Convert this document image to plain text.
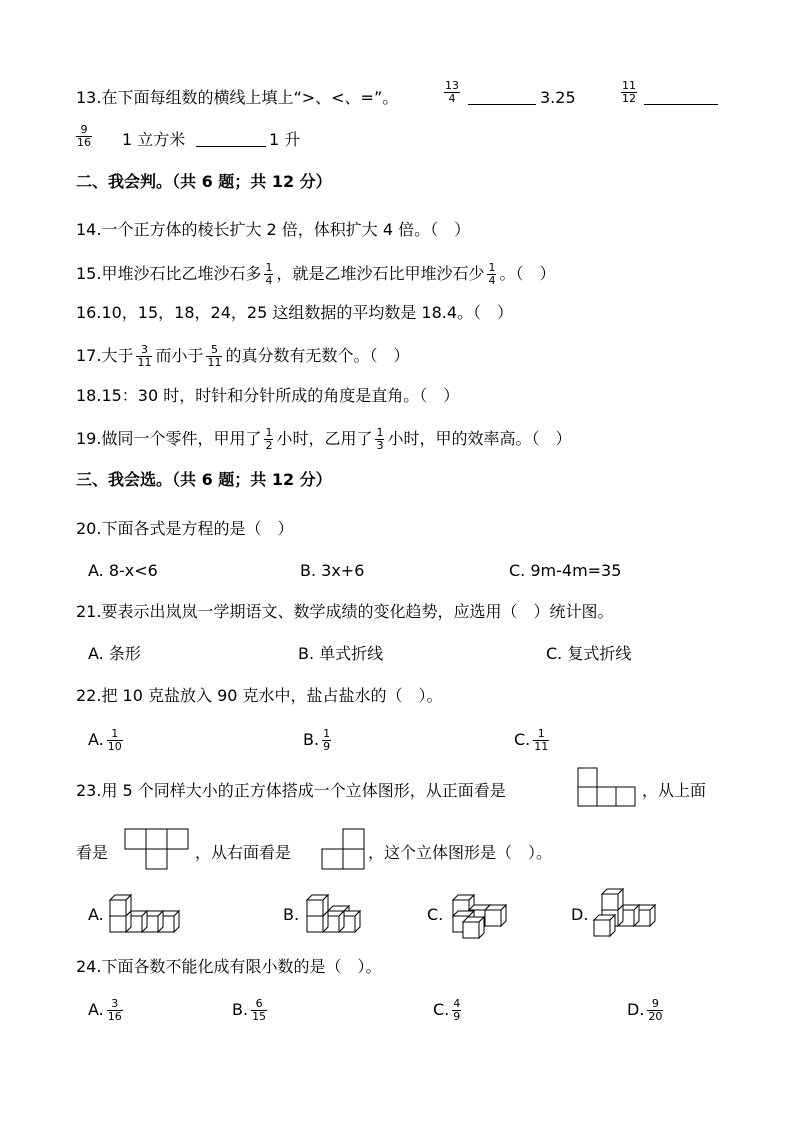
13.在下面每组数的横线上填上“>、<、=”。	$\frac{13}{4}$	3.25	$\frac{11}{12}$
$\frac{9}{16} 1$ 立方米	1 升
二、我会判。（共 6 题；共 12 分）
14.一个正方体的棱长扩大 2 倍，体积扩大 4 倍。（　）
15.甲堆沙石比乙堆沙石多 $\frac{1}{4}$ ，就是乙堆沙石比甲堆沙石少 $\frac{1}{4}$ 。（　）
16.10，15，18，24，25 这组数据的平均数是 18.4。（　）
17.大于 $\frac{3}{11}$ 而小于 $\frac{5}{11}$ 的真分数有无数个。（　）
18.15：30 时，时针和分针所成的角度是直角。（　）
19.做同一个零件，甲用了 $\frac{1}{2}$ 小时，乙用了 $\frac{1}{3}$ 小时，甲的效率高。（　）
三、我会选。（共 6 题；共 12 分）
20.下面各式是方程的是（　）
A. 8-x<6	B. 3x+6	C. 9m-4m=35
21.要表示出岚岚一学期语文、数学成绩的变化趋势，应选用（　）统计图。
A. 条形	B. 单式折线	C. 复式折线
22.把 10 克盐放入 90 克水中，盐占盐水的（　）。
A. $\frac{1}{10}$	B. $\frac{1}{9}$	C. $\frac{1}{11}$
23.用 5 个同样大小的正方体搭成一个立体图形，从正面看是	，从上面
看是	，从右面看是	，这个立体图形是（　）。
A.	B.	C.	D.
24.下面各数不能化成有限小数的是（　）。
A. $\frac{3}{16}$	B. $\frac{6}{15}$	C. $\frac{4}{9}$	D. $\frac{9}{20}$
